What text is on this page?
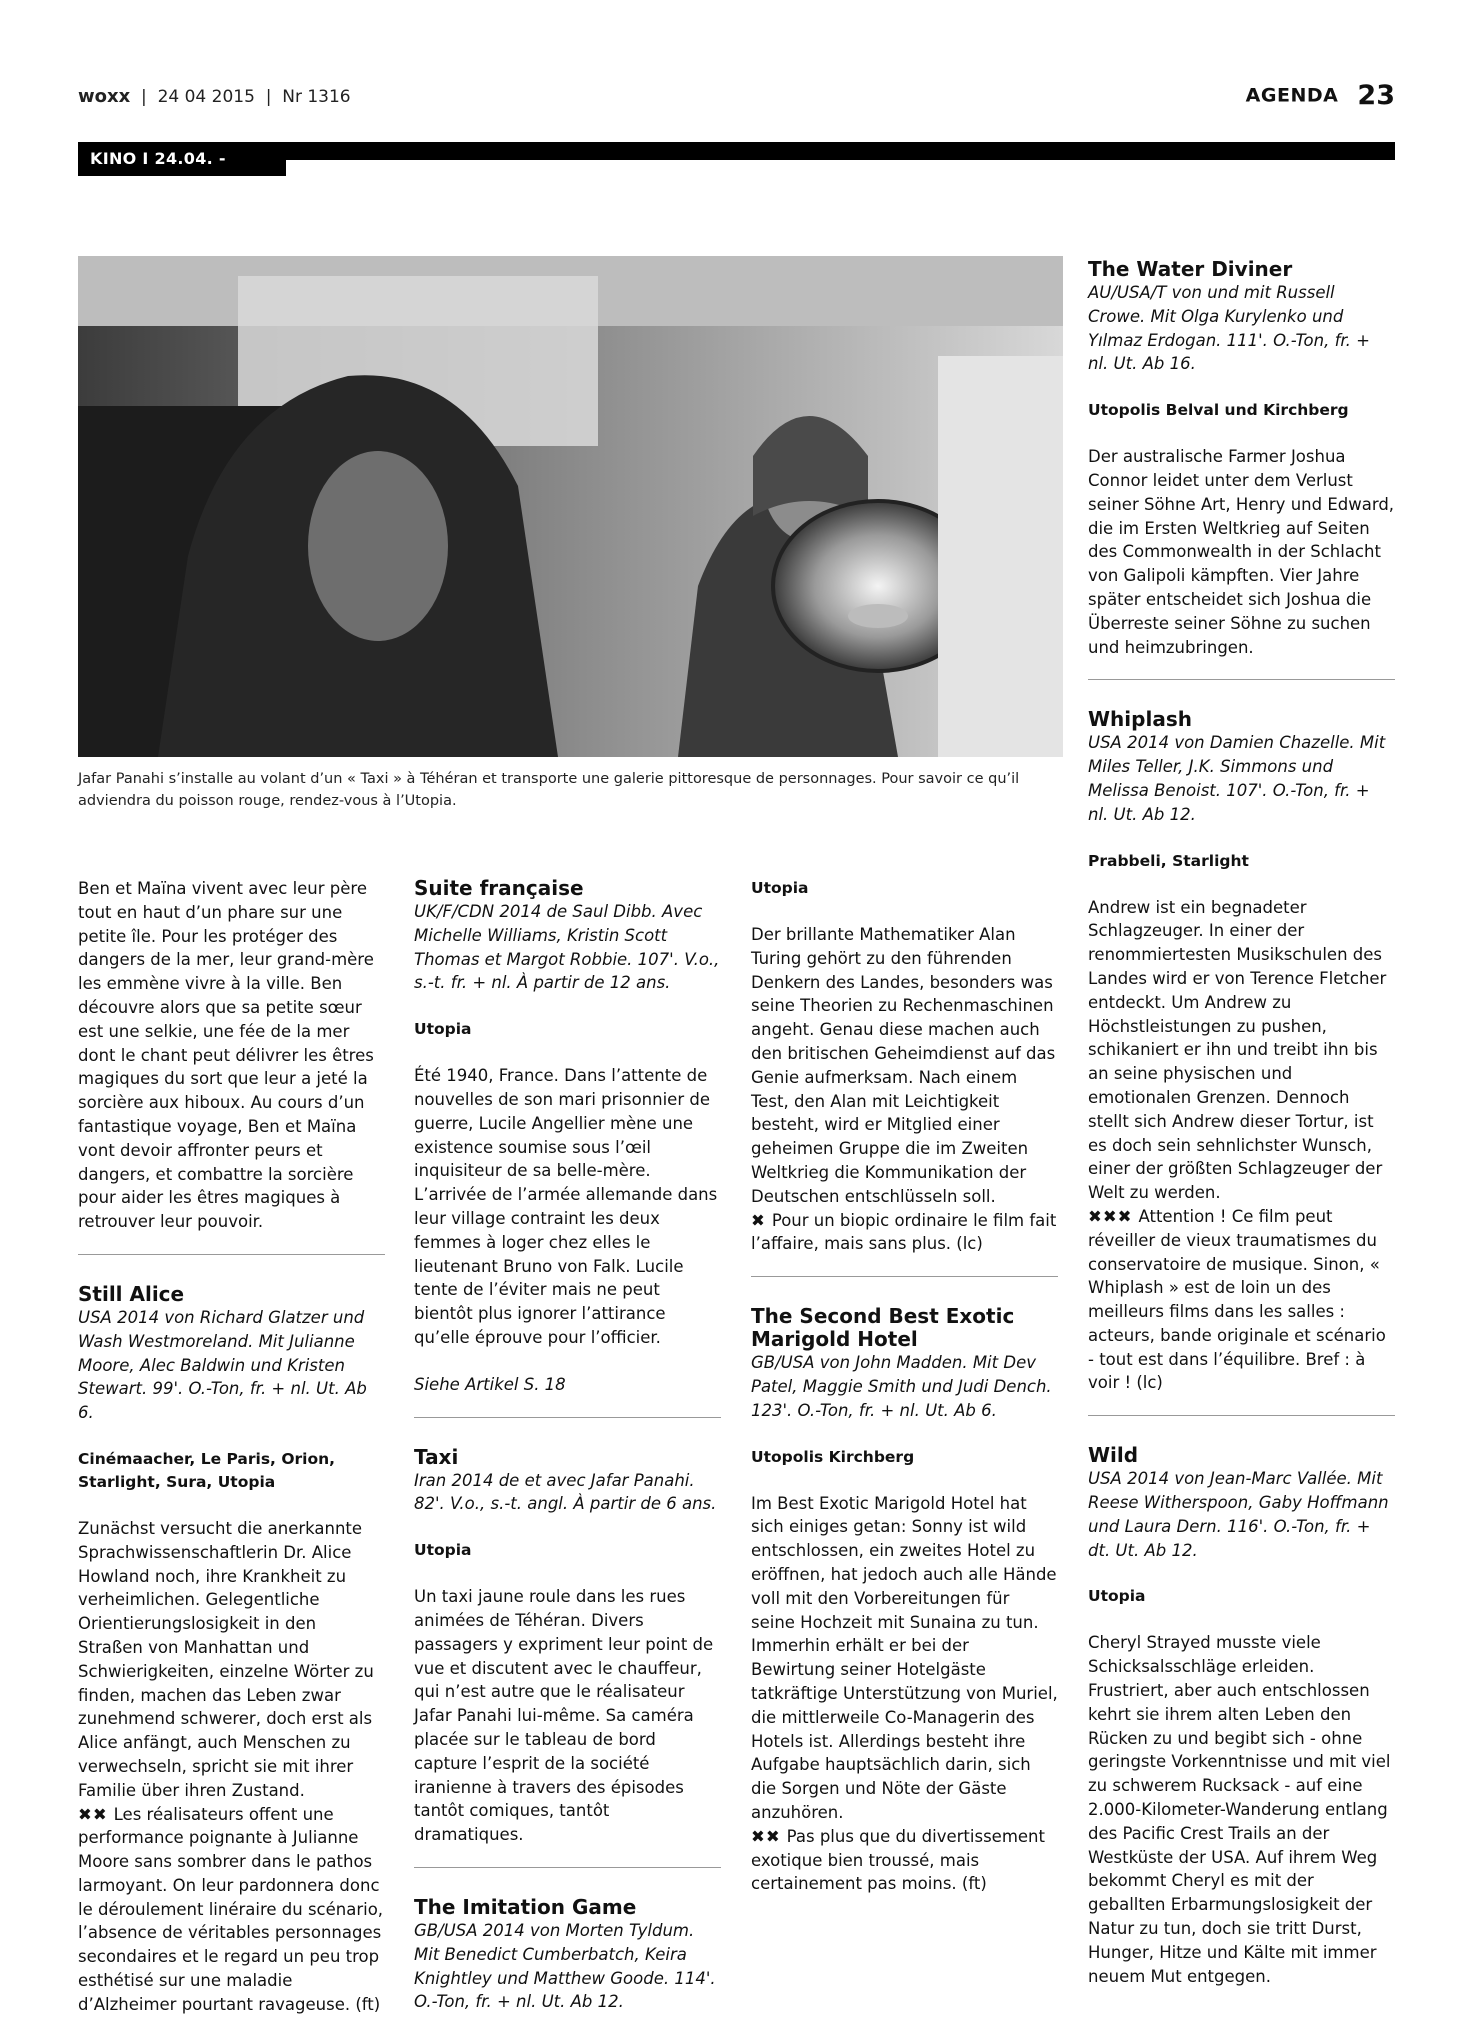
woxx  |  24 04 2015  |  Nr 1316	AGENDA 23
KINO I 24.04. - 28.04.
Jafar Panahi s’installe au volant d’un « Taxi » à Téhéran et transporte une galerie pittoresque de personnages. Pour savoir ce qu’il adviendra du poisson rouge, rendez-vous à l’Utopia.

Ben et Maïna vivent avec leur père tout en haut d’un phare sur une petite île. Pour les protéger des dangers de la mer, leur grand-mère les emmène vivre à la ville. Ben découvre alors que sa petite sœur est une selkie, une fée de la mer dont le chant peut délivrer les êtres magiques du sort que leur a jeté la sorcière aux hiboux. Au cours d’un fantastique voyage, Ben et Maïna vont devoir affronter peurs et dangers, et combattre la sorcière pour aider les êtres magiques à retrouver leur pouvoir.

Still Alice

USA 2014 von Richard Glatzer und Wash Westmoreland. Mit Julianne Moore, Alec Baldwin und Kristen Stewart. 99'. O.-Ton, fr. + nl. Ut. Ab 6.

Cinémaacher, Le Paris, Orion, Starlight, Sura, Utopia

Zunächst versucht die anerkannte Sprachwissenschaftlerin Dr. Alice Howland noch, ihre Krankheit zu verheimlichen. Gelegentliche Orientierungslosigkeit in den Straßen von Manhattan und Schwierigkeiten, einzelne Wörter zu finden, machen das Leben zwar zunehmend schwerer, doch erst als Alice anfängt, auch Menschen zu verwechseln, spricht sie mit ihrer Familie über ihren Zustand.

✖✖ Les réalisateurs offent une performance poignante à Julianne Moore sans sombrer dans le pathos larmoyant. On leur pardonnera donc le déroulement linéraire du scénario, l’absence de véritables personnages secondaires et le regard un peu trop esthétisé sur une maladie d’Alzheimer pourtant ravageuse. (ft)

Suite française

UK/F/CDN 2014 de Saul Dibb. Avec Michelle Williams, Kristin Scott Thomas et Margot Robbie. 107'. V.o., s.-t. fr. + nl. À partir de 12 ans.

Utopia

Été 1940, France. Dans l’attente de nouvelles de son mari prisonnier de guerre, Lucile Angellier mène une existence soumise sous l’œil inquisiteur de sa belle-mère. L’arrivée de l’armée allemande dans leur village contraint les deux femmes à loger chez elles le lieutenant Bruno von Falk. Lucile tente de l’éviter mais ne peut bientôt plus ignorer l’attirance qu’elle éprouve pour l’officier.

Siehe Artikel S. 18

Taxi

Iran 2014 de et avec Jafar Panahi. 82'. V.o., s.-t. angl. À partir de 6 ans.

Utopia

Un taxi jaune roule dans les rues animées de Téhéran. Divers passagers y expriment leur point de vue et discutent avec le chauffeur, qui n’est autre que le réalisateur Jafar Panahi lui-même. Sa caméra placée sur le tableau de bord capture l’esprit de la société iranienne à travers des épisodes tantôt comiques, tantôt dramatiques.

The Imitation Game

GB/USA 2014 von Morten Tyldum. Mit Benedict Cumberbatch, Keira Knightley und Matthew Goode. 114'. O.-Ton, fr. + nl. Ut. Ab 12.

Utopia

Der brillante Mathematiker Alan Turing gehört zu den führenden Denkern des Landes, besonders was seine Theorien zu Rechenmaschinen angeht. Genau diese machen auch den britischen Geheimdienst auf das Genie aufmerksam. Nach einem Test, den Alan mit Leichtigkeit besteht, wird er Mitglied einer geheimen Gruppe die im Zweiten Weltkrieg die Kommunikation der Deutschen entschlüsseln soll.

✖ Pour un biopic ordinaire le film fait l’affaire, mais sans plus. (lc)

The Second Best Exotic Marigold Hotel

GB/USA von John Madden. Mit Dev Patel, Maggie Smith und Judi Dench. 123'. O.-Ton, fr. + nl. Ut. Ab 6.

Utopolis Kirchberg

Im Best Exotic Marigold Hotel hat sich einiges getan: Sonny ist wild entschlossen, ein zweites Hotel zu eröffnen, hat jedoch auch alle Hände voll mit den Vorbereitungen für seine Hochzeit mit Sunaina zu tun. Immerhin erhält er bei der Bewirtung seiner Hotelgäste tatkräftige Unterstützung von Muriel, die mittlerweile Co-Managerin des Hotels ist. Allerdings besteht ihre Aufgabe hauptsächlich darin, sich die Sorgen und Nöte der Gäste anzuhören.

✖✖ Pas plus que du divertissement exotique bien troussé, mais certainement pas moins. (ft)

The Water Diviner

AU/USA/T von und mit Russell Crowe. Mit Olga Kurylenko und Yılmaz Erdogan. 111'. O.-Ton, fr. + nl. Ut. Ab 16.

Utopolis Belval und Kirchberg

Der australische Farmer Joshua Connor leidet unter dem Verlust seiner Söhne Art, Henry und Edward, die im Ersten Weltkrieg auf Seiten des Commonwealth in der Schlacht von Galipoli kämpften. Vier Jahre später entscheidet sich Joshua die Überreste seiner Söhne zu suchen und heimzubringen.

Whiplash

USA 2014 von Damien Chazelle. Mit Miles Teller, J.K. Simmons und Melissa Benoist. 107'. O.-Ton, fr. + nl. Ut. Ab 12.

Prabbeli, Starlight

Andrew ist ein begnadeter Schlagzeuger. In einer der renommiertesten Musikschulen des Landes wird er von Terence Fletcher entdeckt. Um Andrew zu Höchstleistungen zu pushen, schikaniert er ihn und treibt ihn bis an seine physischen und emotionalen Grenzen. Dennoch stellt sich Andrew dieser Tortur, ist es doch sein sehnlichster Wunsch, einer der größten Schlagzeuger der Welt zu werden.

✖✖✖ Attention ! Ce film peut réveiller de vieux traumatismes du conservatoire de musique. Sinon, « Whiplash » est de loin un des meilleurs films dans les salles : acteurs, bande originale et scénario - tout est dans l’équilibre. Bref : à voir ! (lc)

Wild

USA 2014 von Jean-Marc Vallée. Mit Reese Witherspoon, Gaby Hoffmann und Laura Dern. 116'. O.-Ton, fr. + dt. Ut. Ab 12.

Utopia

Cheryl Strayed musste viele Schicksalsschläge erleiden. Frustriert, aber auch entschlossen kehrt sie ihrem alten Leben den Rücken zu und begibt sich - ohne geringste Vorkenntnisse und mit viel zu schwerem Rucksack - auf eine 2.000-Kilometer-Wanderung entlang des Pacific Crest Trails an der Westküste der USA. Auf ihrem Weg bekommt Cheryl es mit der geballten Erbarmungslosigkeit der Natur zu tun, doch sie tritt Durst, Hunger, Hitze und Kälte mit immer neuem Mut entgegen.
